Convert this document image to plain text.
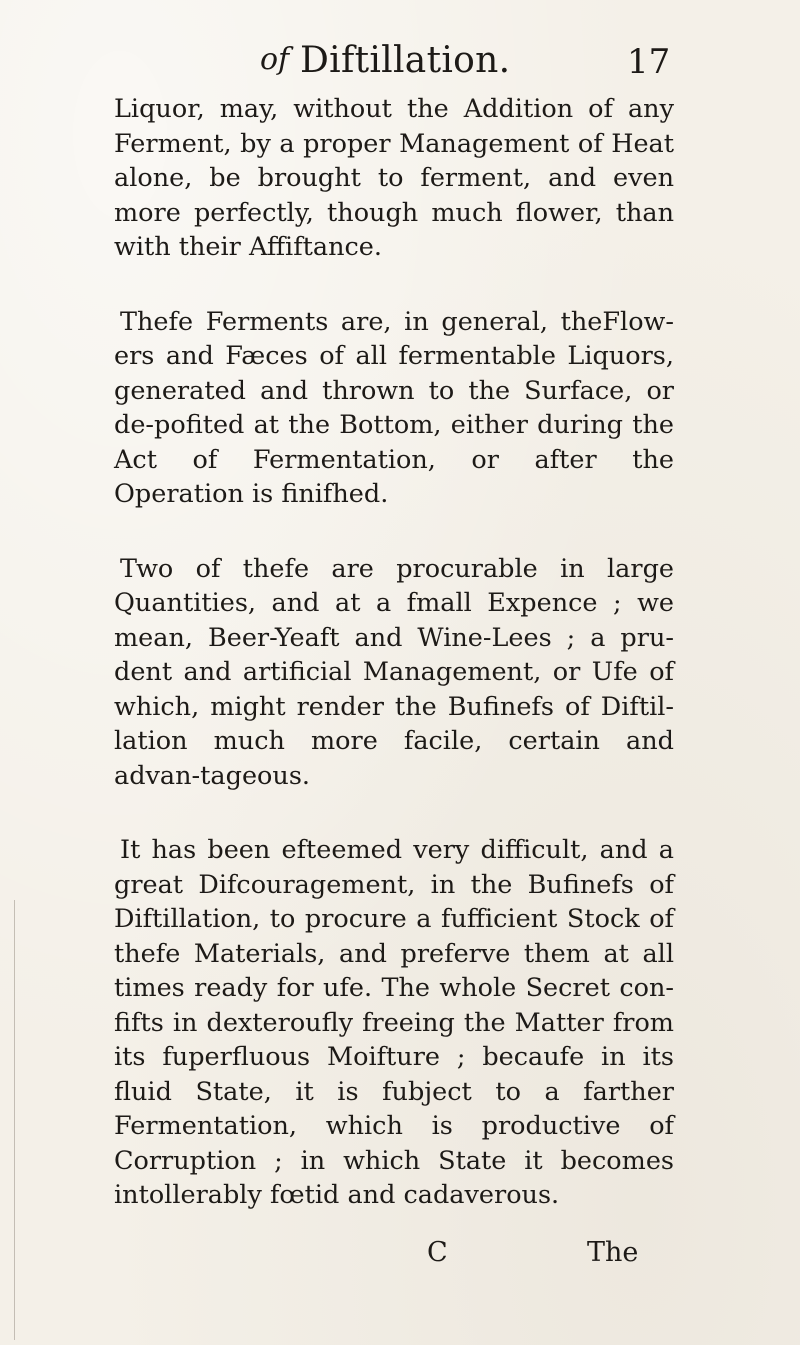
of Diftillation.	17

Liquor, may, without the Addition of any Ferment, by a proper Management of Heat alone, be brought to ferment, and even more perfectly, though much flower, than with their Affiftance.

Thefe Ferments are, in general, theFlow-ers and Fæces of all fermentable Liquors, generated and thrown to the Surface, or de-pofited at the Bottom, either during the Act of Fermentation, or after the Operation is finifhed.

Two of thefe are procurable in large Quantities, and at a fmall Expence ; we mean, Beer-Yeaft and Wine-Lees ; a pru-dent and artificial Management, or Ufe of which, might render the Bufinefs of Diftil-lation much more facile, certain and advan-tageous.

It has been efteemed very difficult, and a great Difcouragement, in the Bufinefs of Diftillation, to procure a fufficient Stock of thefe Materials, and preferve them at all times ready for ufe. The whole Secret con-fifts in dexteroufly freeing the Matter from its fuperfluous Moifture ; becaufe in its fluid State, it is fubject to a farther Fermentation, which is productive of Corruption ; in which State it becomes intollerably fœtid and cadaverous.

C	The
